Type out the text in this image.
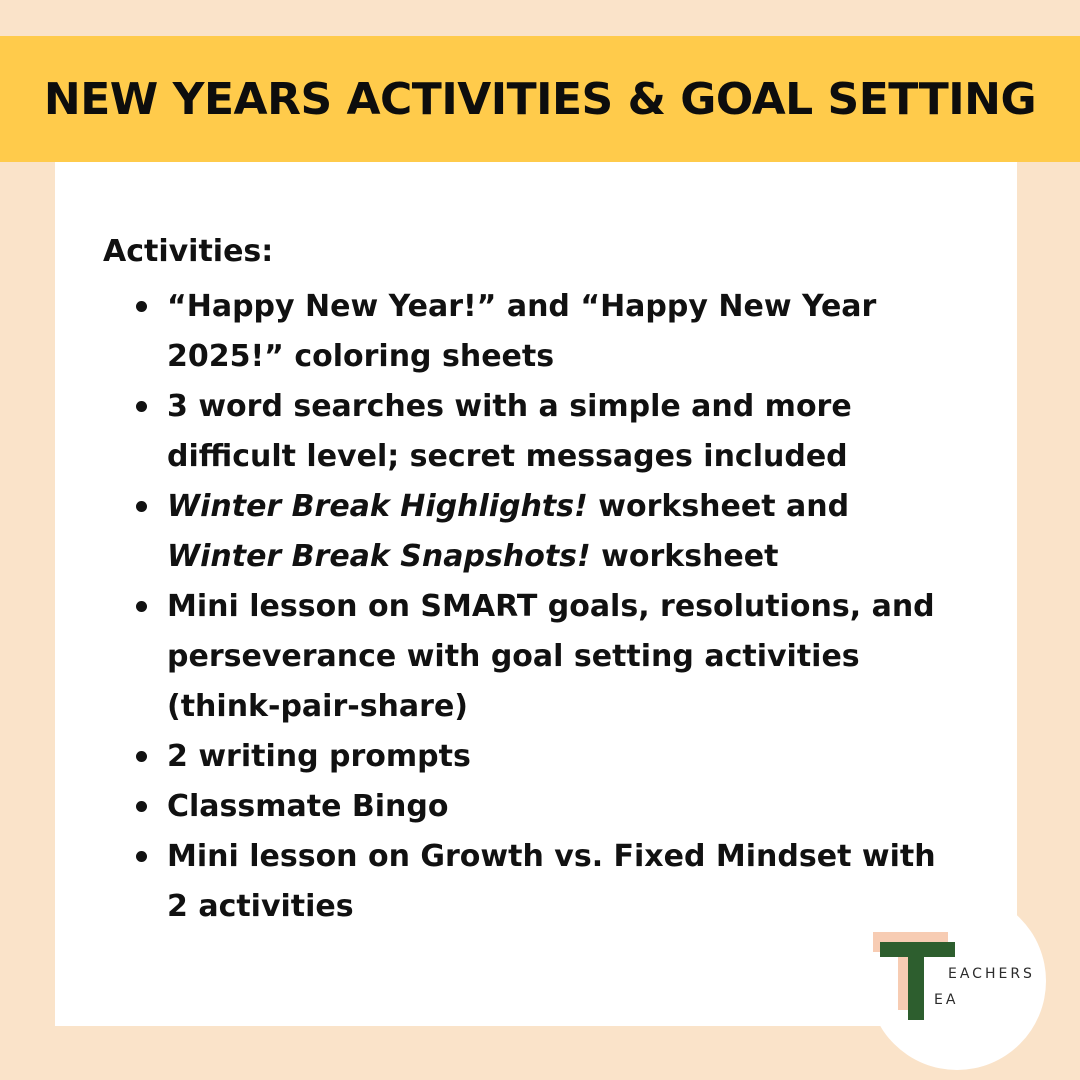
NEW YEARS ACTIVITIES & GOAL SETTING

Activities:

“Happy New Year!” and “Happy New Year 2025!” coloring sheets
3 word searches with a simple and more difficult level; secret messages included
Winter Break Highlights! worksheet and Winter Break Snapshots! worksheet
Mini lesson on SMART goals, resolutions, and perseverance with goal setting activities (think-pair-share)
2 writing prompts
Classmate Bingo
Mini lesson on Growth vs. Fixed Mindset with 2 activities
EACHERS
EA
